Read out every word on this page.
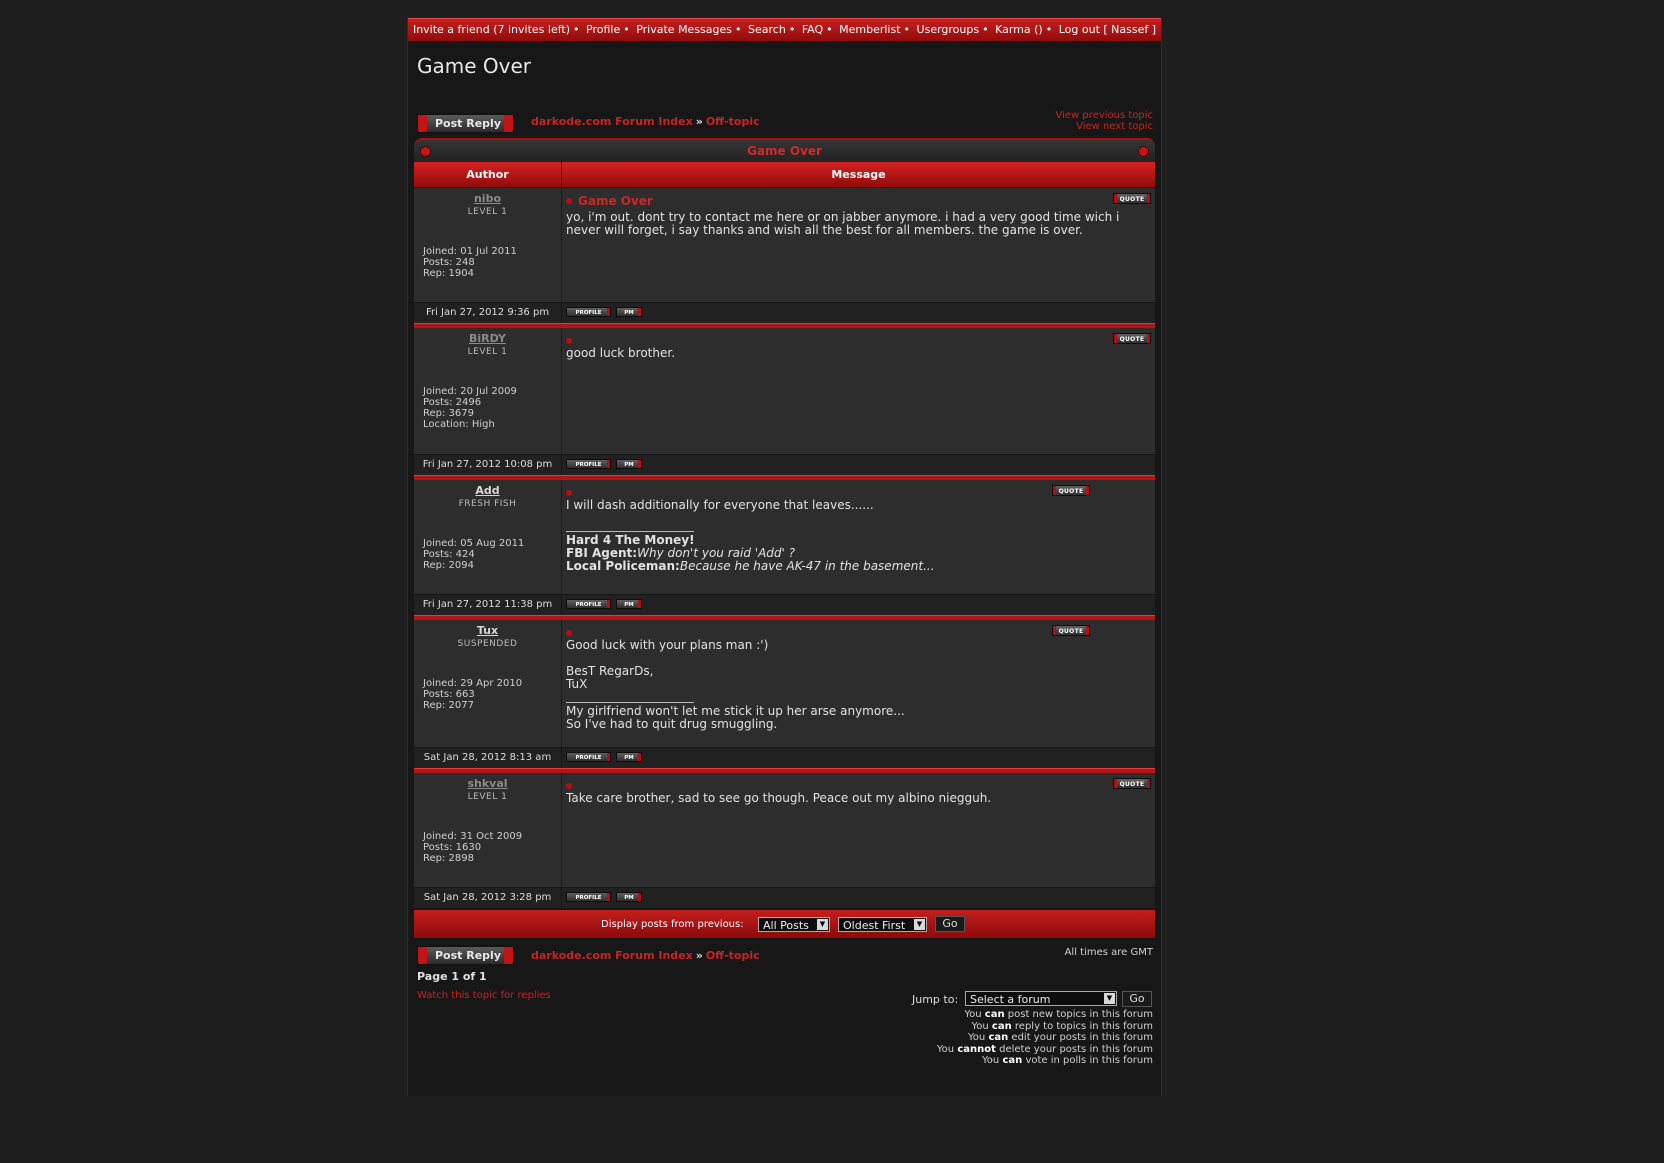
Invite a friend (7 invites left) • Profile • Private Messages • Search • FAQ • Memberlist • Usergroups • Karma () • Log out [ Nassef ]
Game Over
Post Reply	darkode.com Forum Index » Off-topic	View previous topic
View next topic
Game Over
Author	Message
nibo
LEVEL 1
Joined: 01 Jul 2011
Posts: 248
Rep: 1904
Game Over	QUOTE
yo, i'm out. dont try to contact me here or on jabber anymore. i had a very good time wich i never will forget, i say thanks and wish all the best for all members. the game is over.
Fri Jan 27, 2012 9:36 pm	PROFILE	PM
BiRDY
LEVEL 1
Joined: 20 Jul 2009
Posts: 2496
Rep: 3679
Location: High
QUOTE
good luck brother.
Fri Jan 27, 2012 10:08 pm	PROFILE	PM
Add
FRESH FISH
Joined: 05 Aug 2011
Posts: 424
Rep: 2094
QUOTE
I will dash additionally for everyone that leaves......
Hard 4 The Money!
FBI Agent:Why don't you raid 'Add' ?
Local Policeman:Because he have AK-47 in the basement...
Fri Jan 27, 2012 11:38 pm	PROFILE	PM
Tux
SUSPENDED
Joined: 29 Apr 2010
Posts: 663
Rep: 2077
QUOTE
Good luck with your plans man :')
BesT RegarDs,
TuX
My girlfriend won't let me stick it up her arse anymore...
So I've had to quit drug smuggling.
Sat Jan 28, 2012 8:13 am	PROFILE	PM
shkval
LEVEL 1
Joined: 31 Oct 2009
Posts: 1630
Rep: 2898
QUOTE
Take care brother, sad to see go though. Peace out my albino niegguh.
Sat Jan 28, 2012 3:28 pm	PROFILE	PM
Display posts from previous:	All Posts	▼	Oldest First	▼	Go
Post Reply	darkode.com Forum Index » Off-topic	All times are GMT
Page 1 of 1
Watch this topic for replies	Jump to:	Select a forum	▼	Go
You can post new topics in this forum
You can reply to topics in this forum
You can edit your posts in this forum
You cannot delete your posts in this forum
You can vote in polls in this forum
